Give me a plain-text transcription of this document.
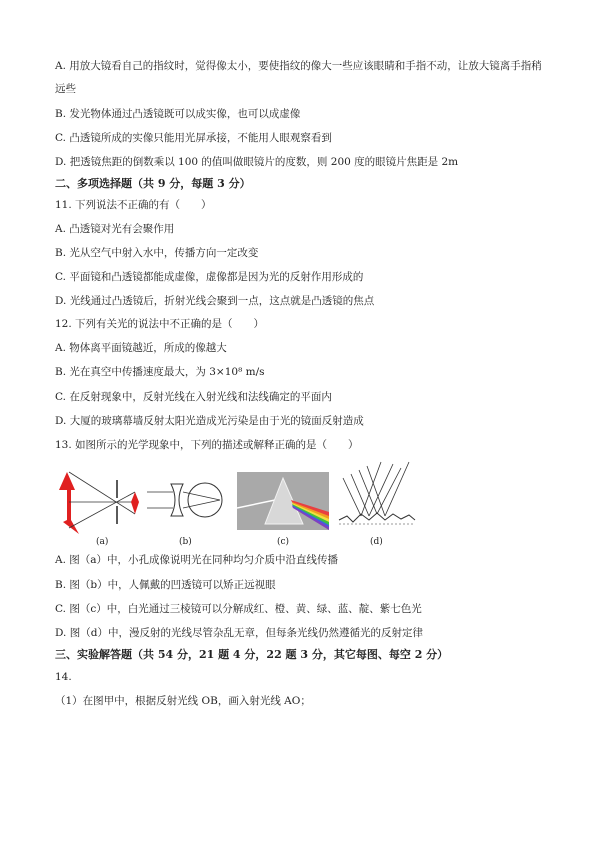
A. 用放大镜看自己的指纹时，觉得像太小，要使指纹的像大一些应该眼睛和手指不动，让放大镜离手指稍
远些
B. 发光物体通过凸透镜既可以成实像，也可以成虚像
C. 凸透镜所成的实像只能用光屏承接，不能用人眼观察看到
D. 把透镜焦距的倒数乘以 100 的值叫做眼镜片的度数，则 200 度的眼镜片焦距是 2m
二、多项选择题（共 9 分，每题 3 分）
11. 下列说法不正确的有（　　）
A. 凸透镜对光有会聚作用
B. 光从空气中射入水中，传播方向一定改变
C. 平面镜和凸透镜都能成虚像，虚像都是因为光的反射作用形成的
D. 光线通过凸透镜后，折射光线会聚到一点，这点就是凸透镜的焦点
12. 下列有关光的说法中不正确的是（　　）
A. 物体离平面镜越近，所成的像越大
B. 光在真空中传播速度最大，为 3×10⁸ m/s
C. 在反射现象中，反射光线在入射光线和法线确定的平面内
D. 大厦的玻璃幕墙反射太阳光造成光污染是由于光的镜面反射造成
13. 如图所示的光学现象中，下列的描述或解释正确的是（　　）
(a)	(b)	(c)	(d)
A. 图（a）中，小孔成像说明光在同种均匀介质中沿直线传播
B. 图（b）中，人佩戴的凹透镜可以矫正远视眼
C. 图（c）中，白光通过三棱镜可以分解成红、橙、黄、绿、蓝、靛、紫七色光
D. 图（d）中，漫反射的光线尽管杂乱无章，但每条光线仍然遵循光的反射定律
三、实验解答题（共 54 分，21 题 4 分，22 题 3 分，其它每图、每空 2 分）
14.
（1）在图甲中，根据反射光线 OB，画入射光线 AO；
